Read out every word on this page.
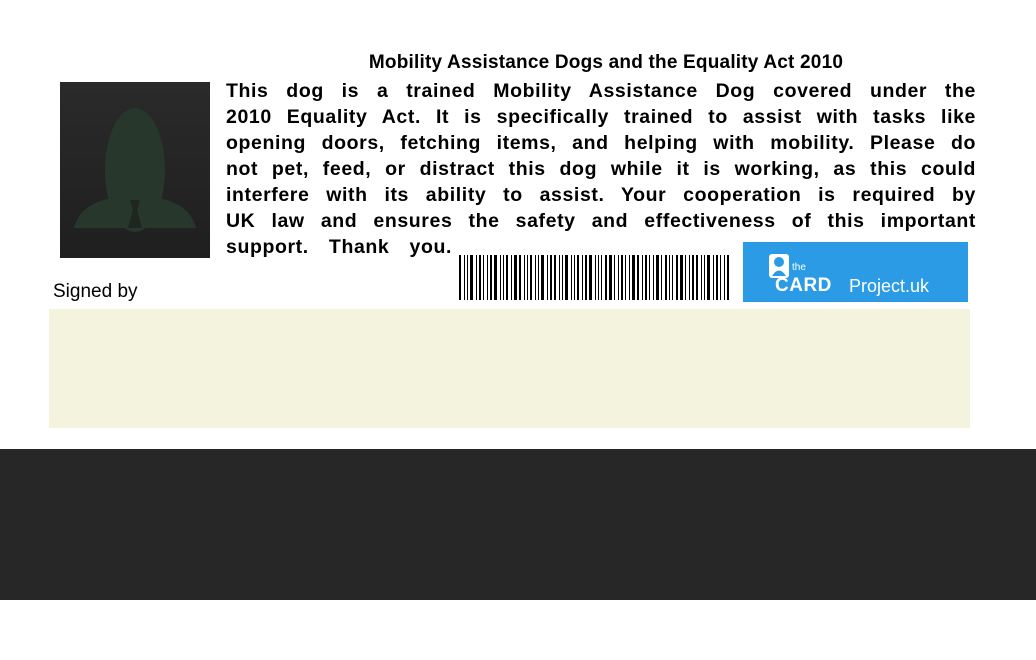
Mobility Assistance Dogs and the Equality Act 2010
This dog is a trained Mobility Assistance Dog covered under the
2010 Equality Act. It is specifically trained to assist with tasks like
opening doors, fetching items, and helping with mobility. Please do
not pet, feed, or distract this dog while it is working, as this could
interfere with its ability to assist. Your cooperation is required by
UK law and ensures the safety and effectiveness of this important
support. Thank you.
the
CARD Project.uk
Signed by
